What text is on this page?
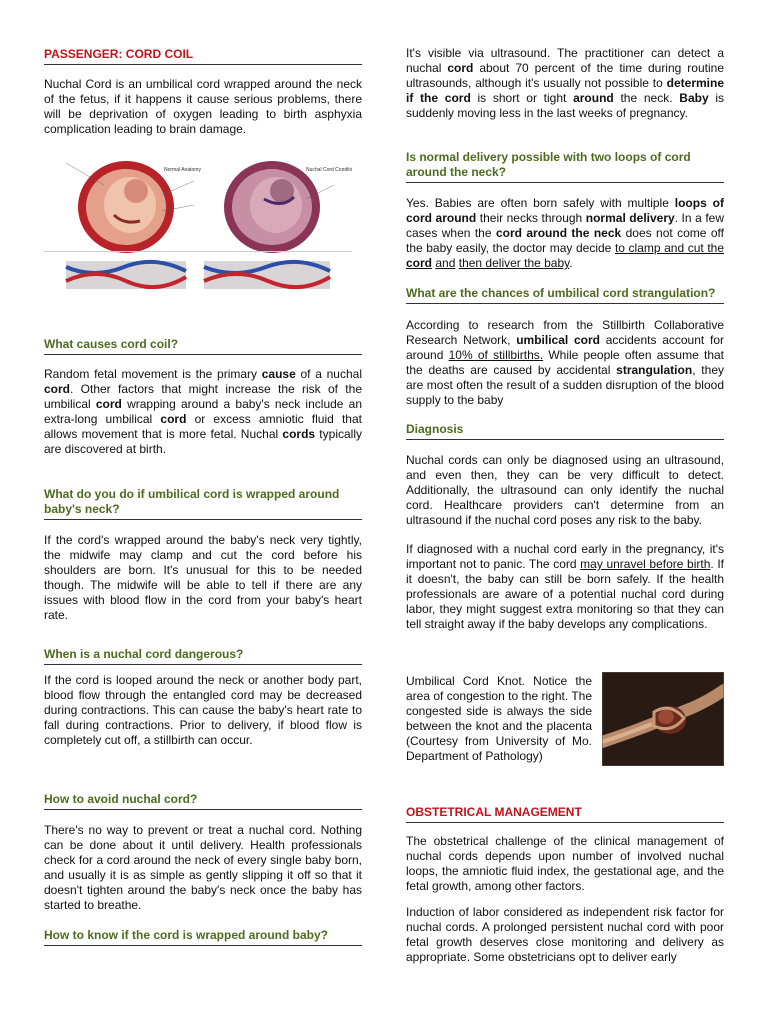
PASSENGER: CORD COIL

Nuchal Cord is an umbilical cord wrapped around the neck of the fetus, if it happens it cause serious problems, there will be deprivation of oxygen leading to birth asphyxia complication leading to brain damage.

Normal Anatomy	Nuchal Cord Condition
What causes cord coil?

Random fetal movement is the primary cause of a nuchal cord. Other factors that might increase the risk of the umbilical cord wrapping around a baby's neck include an extra-long umbilical cord or excess amniotic fluid that allows movement that is more fetal. Nuchal cords typically are discovered at birth.

What do you do if umbilical cord is wrapped around baby's neck?

If the cord's wrapped around the baby's neck very tightly, the midwife may clamp and cut the cord before his shoulders are born. It's unusual for this to be needed though. The midwife will be able to tell if there are any issues with blood flow in the cord from your baby's heart rate.

When is a nuchal cord dangerous?

If the cord is looped around the neck or another body part, blood flow through the entangled cord may be decreased during contractions. This can cause the baby's heart rate to fall during contractions. Prior to delivery, if blood flow is completely cut off, a stillbirth can occur.

How to avoid nuchal cord?

There's no way to prevent or treat a nuchal cord. Nothing can be done about it until delivery. Health professionals check for a cord around the neck of every single baby born, and usually it is as simple as gently slipping it off so that it doesn't tighten around the baby's neck once the baby has started to breathe.

How to know if the cord is wrapped around baby?

It's visible via ultrasound. The practitioner can detect a nuchal cord about 70 percent of the time during routine ultrasounds, although it's usually not possible to determine if the cord is short or tight around the neck. Baby is suddenly moving less in the last weeks of pregnancy.

Is normal delivery possible with two loops of cord around the neck?

Yes. Babies are often born safely with multiple loops of cord around their necks through normal delivery. In a few cases when the cord around the neck does not come off the baby easily, the doctor may decide to clamp and cut the cord and then deliver the baby.

What are the chances of umbilical cord strangulation?

According to research from the Stillbirth Collaborative Research Network, umbilical cord accidents account for around 10% of stillbirths. While people often assume that the deaths are caused by accidental strangulation, they are most often the result of a sudden disruption of the blood supply to the baby

Diagnosis

Nuchal cords can only be diagnosed using an ultrasound, and even then, they can be very difficult to detect. Additionally, the ultrasound can only identify the nuchal cord. Healthcare providers can't determine from an ultrasound if the nuchal cord poses any risk to the baby.

If diagnosed with a nuchal cord early in the pregnancy, it's important not to panic. The cord may unravel before birth. If it doesn't, the baby can still be born safely. If the health professionals are aware of a potential nuchal cord during labor, they might suggest extra monitoring so that they can tell straight away if the baby develops any complications.

Umbilical Cord Knot. Notice the area of congestion to the right. The congested side is always the side between the knot and the placenta (Courtesy from University of Mo. Department of Pathology)

OBSTETRICAL MANAGEMENT

The obstetrical challenge of the clinical management of nuchal cords depends upon number of involved nuchal loops, the amniotic fluid index, the gestational age, and the fetal growth, among other factors.

Induction of labor considered as independent risk factor for nuchal cords. A prolonged persistent nuchal cord with poor fetal growth deserves close monitoring and delivery as appropriate. Some obstetricians opt to deliver early
